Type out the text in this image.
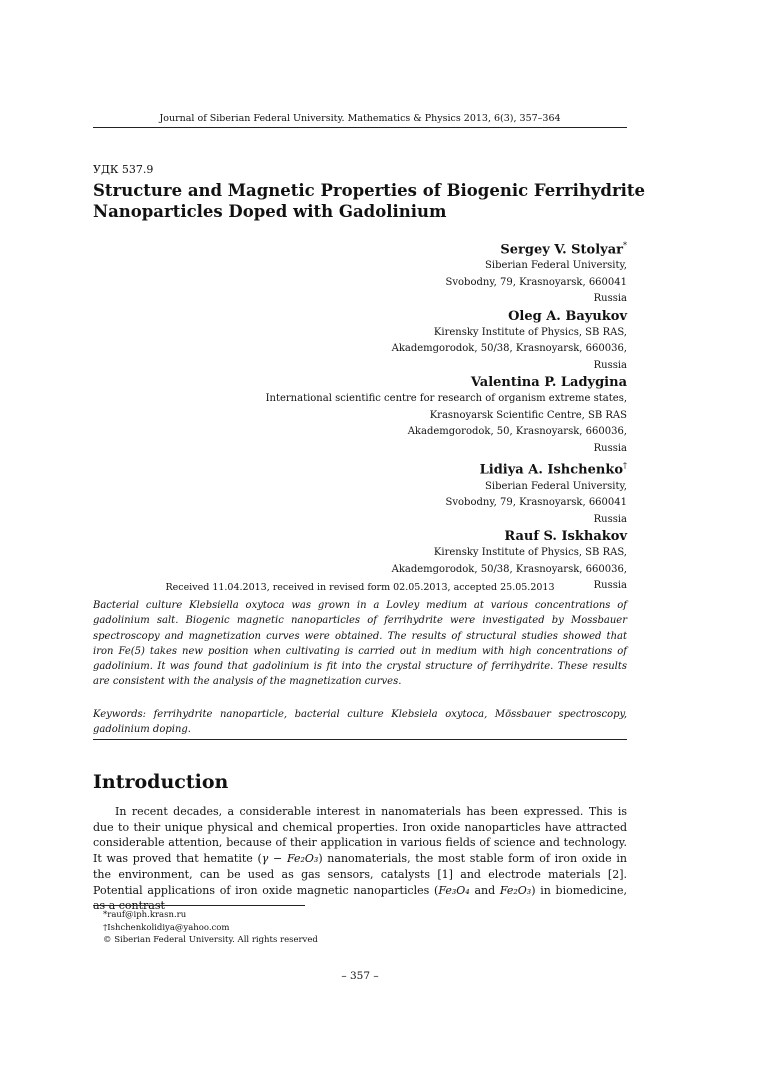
Journal of Siberian Federal University. Mathematics & Physics 2013, 6(3), 357–364
УДК 537.9
Structure and Magnetic Properties of Biogenic Ferrihydrite
Nanoparticles Doped with Gadolinium
Sergey V. Stolyar*
Siberian Federal University,
Svobodny, 79, Krasnoyarsk, 660041
Russia
Oleg A. Bayukov
Kirensky Institute of Physics, SB RAS,
Akademgorodok, 50/38, Krasnoyarsk, 660036,
Russia
Valentina P. Ladygina
International scientific centre for research of organism extreme states,
Krasnoyarsk Scientific Centre, SB RAS
Akademgorodok, 50, Krasnoyarsk, 660036,
Russia
Lidiya A. Ishchenko†
Siberian Federal University,
Svobodny, 79, Krasnoyarsk, 660041
Russia
Rauf S. Iskhakov
Kirensky Institute of Physics, SB RAS,
Akademgorodok, 50/38, Krasnoyarsk, 660036,
Russia
Received 11.04.2013, received in revised form 02.05.2013, accepted 25.05.2013
Bacterial culture Klebsiella oxytoca was grown in a Lovley medium at various concentrations of gadolinium salt. Biogenic magnetic nanoparticles of ferrihydrite were investigated by Mossbauer spectroscopy and magnetization curves were obtained. The results of structural studies showed that iron Fe(5) takes new position when cultivating is carried out in medium with high concentrations of gadolinium. It was found that gadolinium is fit into the crystal structure of ferrihydrite. These results are consistent with the analysis of the magnetization curves.
Keywords: ferrihydrite nanoparticle, bacterial culture Klebsiela oxytoca, Mössbauer spectroscopy, gadolinium doping.
Introduction

In recent decades, a considerable interest in nanomaterials has been expressed. This is due to their unique physical and chemical properties. Iron oxide nanoparticles have attracted considerable attention, because of their application in various fields of science and technology. It was proved that hematite (γ − Fe₂O₃) nanomaterials, the most stable form of iron oxide in the environment, can be used as gas sensors, catalysts [1] and electrode materials [2]. Potential applications of iron oxide magnetic nanoparticles (Fe₃O₄ and Fe₂O₃) in biomedicine, as a contrast

*rauf@iph.krasn.ru
†Ishchenkolidiya@yahoo.com
© Siberian Federal University. All rights reserved
– 357 –
